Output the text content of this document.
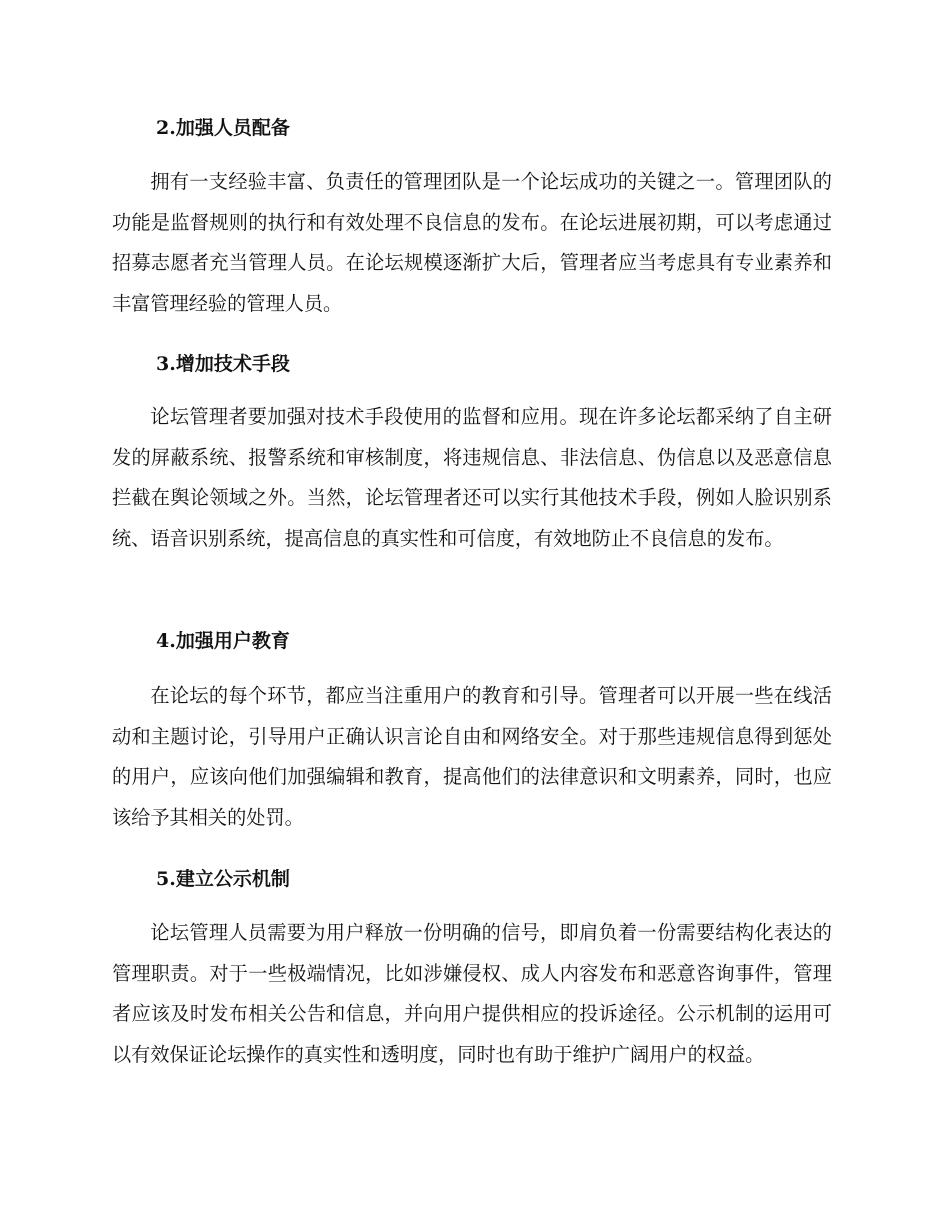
2.加强人员配备
拥有一支经验丰富、负责任的管理团队是一个论坛成功的关键之一。管理团队的功能是监督规则的执行和有效处理不良信息的发布。在论坛进展初期，可以考虑通过招募志愿者充当管理人员。在论坛规模逐渐扩大后，管理者应当考虑具有专业素养和丰富管理经验的管理人员。
3.增加技术手段
论坛管理者要加强对技术手段使用的监督和应用。现在许多论坛都采纳了自主研发的屏蔽系统、报警系统和审核制度，将违规信息、非法信息、伪信息以及恶意信息拦截在舆论领域之外。当然，论坛管理者还可以实行其他技术手段，例如人脸识别系统、语音识别系统，提高信息的真实性和可信度，有效地防止不良信息的发布。
4.加强用户教育
在论坛的每个环节，都应当注重用户的教育和引导。管理者可以开展一些在线活动和主题讨论，引导用户正确认识言论自由和网络安全。对于那些违规信息得到惩处的用户，应该向他们加强编辑和教育，提高他们的法律意识和文明素养，同时，也应该给予其相关的处罚。
5.建立公示机制
论坛管理人员需要为用户释放一份明确的信号，即肩负着一份需要结构化表达的管理职责。对于一些极端情况，比如涉嫌侵权、成人内容发布和恶意咨询事件，管理者应该及时发布相关公告和信息，并向用户提供相应的投诉途径。公示机制的运用可以有效保证论坛操作的真实性和透明度，同时也有助于维护广阔用户的权益。
